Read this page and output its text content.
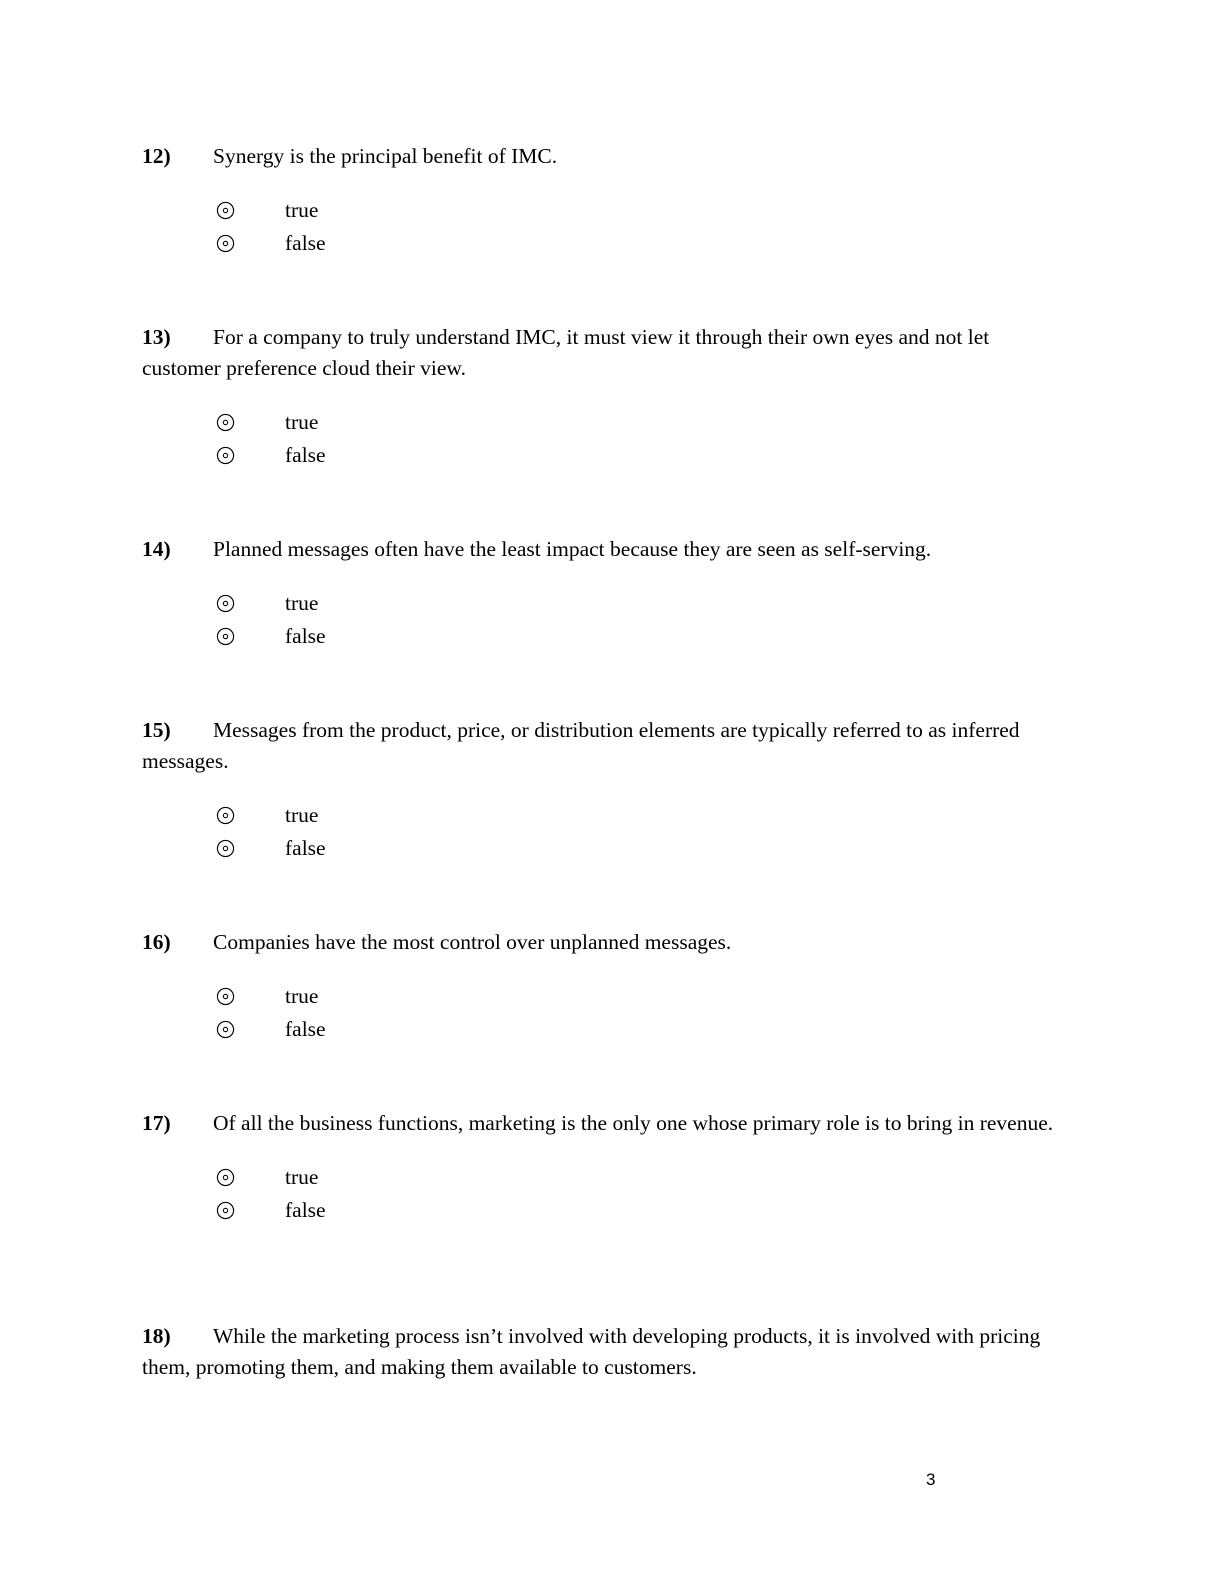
12) Synergy is the principal benefit of IMC.

true
false

13) For a company to truly understand IMC, it must view it through their own eyes and not let customer preference cloud their view.

true
false

14) Planned messages often have the least impact because they are seen as self-serving.

true
false

15) Messages from the product, price, or distribution elements are typically referred to as inferred messages.

true
false

16) Companies have the most control over unplanned messages.

true
false

17) Of all the business functions, marketing is the only one whose primary role is to bring in revenue.

true
false

18) While the marketing process isn’t involved with developing products, it is involved with pricing them, promoting them, and making them available to customers.

3
